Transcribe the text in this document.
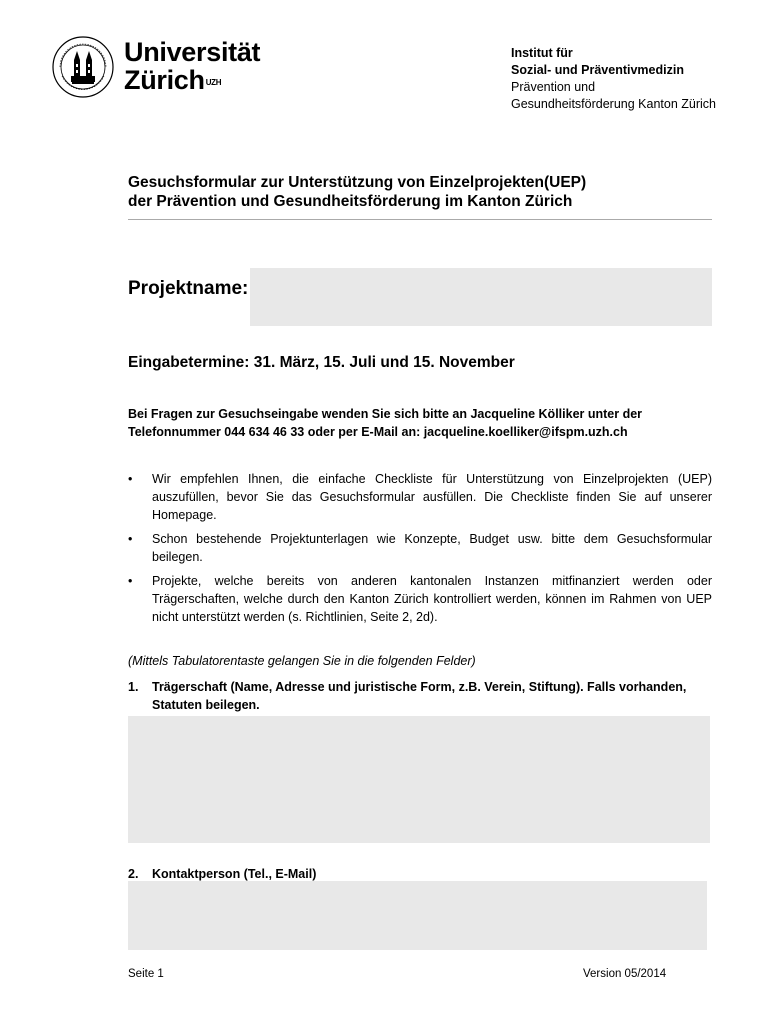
Universität
Zürich$^{UZH}$
Institut für
Sozial- und Präventivmedizin
Prävention und
Gesundheitsförderung Kanton Zürich
Gesuchsformular zur Unterstützung von Einzelprojekten(UEP)
der Prävention und Gesundheitsförderung im Kanton Zürich
Projektname:
Eingabetermine: 31. März, 15. Juli und 15. November
Bei Fragen zur Gesuchseingabe wenden Sie sich bitte an Jacqueline Kölliker unter der
Telefonnummer 044 634 46 33 oder per E-Mail an: jacqueline.koelliker@ifspm.uzh.ch
• Wir empfehlen Ihnen, die einfache Checkliste für Unterstützung von Einzelprojekten (UEP) auszufüllen, bevor Sie das Gesuchsformular ausfüllen. Die Checkliste finden Sie auf unserer Homepage.
• Schon bestehende Projektunterlagen wie Konzepte, Budget usw. bitte dem Gesuchsformular beilegen.
• Projekte, welche bereits von anderen kantonalen Instanzen mitfinanziert werden oder Trägerschaften, welche durch den Kanton Zürich kontrolliert werden, können im Rahmen von UEP nicht unterstützt werden (s. Richtlinien, Seite 2, 2d).
(Mittels Tabulatorentaste gelangen Sie in die folgenden Felder)
1.	Trägerschaft (Name, Adresse und juristische Form, z.B. Verein, Stiftung). Falls vorhanden, Statuten beilegen.
2.	Kontaktperson (Tel., E-Mail)
Seite 1	Version 05/2014
